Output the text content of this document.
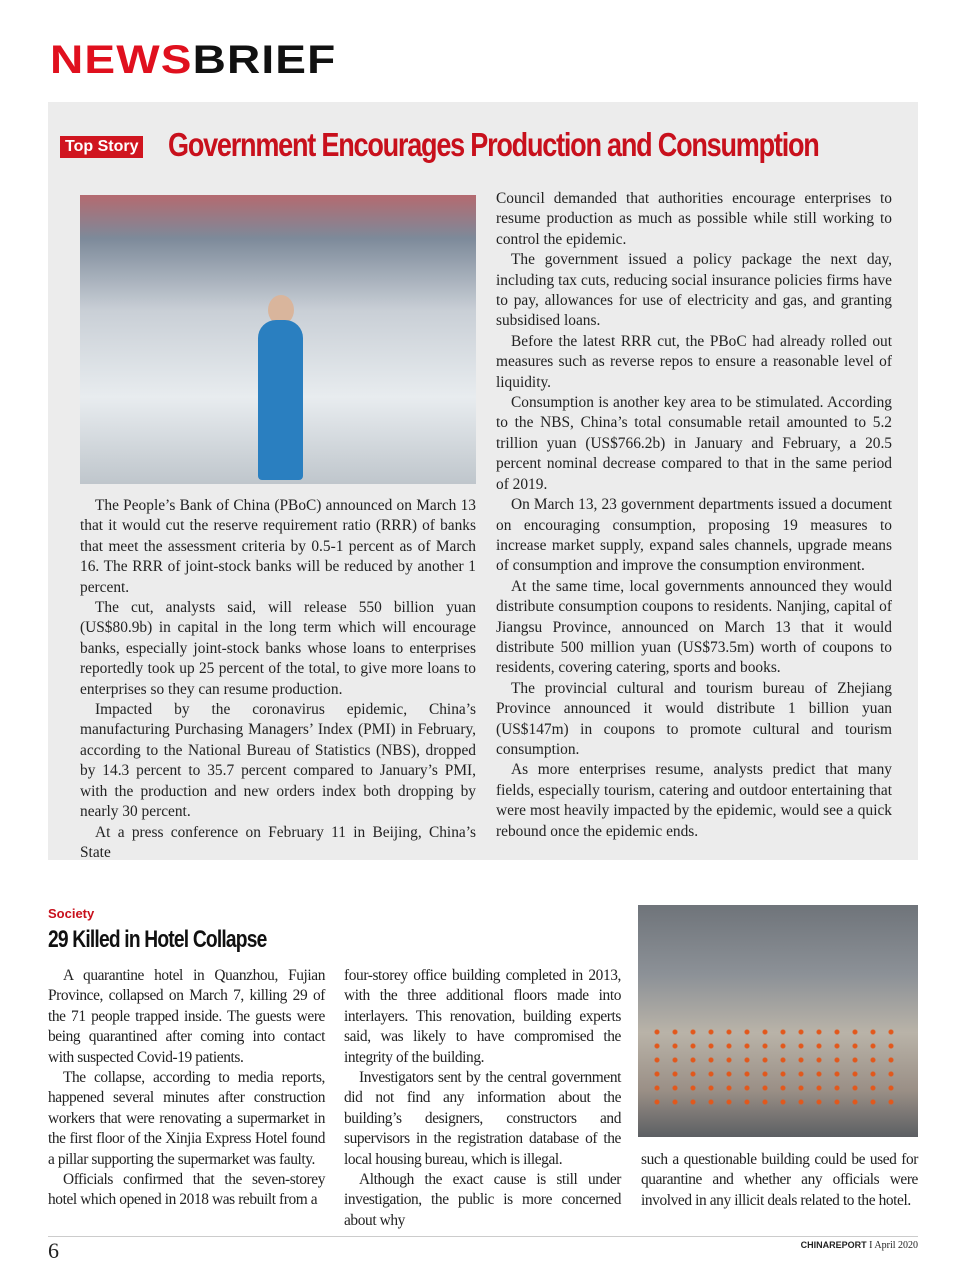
NEWSBRIEF
Top Story Government Encourages Production and Consumption

The People’s Bank of China (PBoC) announced on March 13 that it would cut the reserve requirement ratio (RRR) of banks that meet the assessment criteria by 0.5-1 percent as of March 16. The RRR of joint-stock banks will be reduced by another 1 percent.

The cut, analysts said, will release 550 billion yuan (US$80.9b) in capital in the long term which will encourage banks, especially joint-stock banks whose loans to enterprises reportedly took up 25 percent of the total, to give more loans to enterprises so they can resume production.

Impacted by the coronavirus epidemic, China’s manufacturing Purchasing Managers’ Index (PMI) in February, according to the National Bureau of Statistics (NBS), dropped by 14.3 percent to 35.7 percent compared to January’s PMI, with the production and new orders index both dropping by nearly 30 percent.

At a press conference on February 11 in Beijing, China’s State

Council demanded that authorities encourage enterprises to resume production as much as possible while still working to control the epidemic.

The government issued a policy package the next day, including tax cuts, reducing social insurance policies firms have to pay, allowances for use of electricity and gas, and granting subsidised loans.

Before the latest RRR cut, the PBoC had already rolled out measures such as reverse repos to ensure a reasonable level of liquidity.

Consumption is another key area to be stimulated. According to the NBS, China’s total consumable retail amounted to 5.2 trillion yuan (US$766.2b) in January and February, a 20.5 percent nominal decrease compared to that in the same period of 2019.

On March 13, 23 government departments issued a document on encouraging consumption, proposing 19 measures to increase market supply, expand sales channels, upgrade means of consumption and improve the consumption environment.

At the same time, local governments announced they would distribute consumption coupons to residents. Nanjing, capital of Jiangsu Province, announced on March 13 that it would distribute 500 million yuan (US$73.5m) worth of coupons to residents, covering catering, sports and books.

The provincial cultural and tourism bureau of Zhejiang Province announced it would distribute 1 billion yuan (US$147m) in coupons to promote cultural and tourism consumption.

As more enterprises resume, analysts predict that many fields, especially tourism, catering and outdoor entertaining that were most heavily impacted by the epidemic, would see a quick rebound once the epidemic ends.

Society
29 Killed in Hotel Collapse

A quarantine hotel in Quanzhou, Fujian Province, collapsed on March 7, killing 29 of the 71 people trapped inside. The guests were being quarantined after coming into contact with suspected Covid-19 patients.

The collapse, according to media reports, happened several minutes after construction workers that were renovating a supermarket in the first floor of the Xinjia Express Hotel found a pillar supporting the supermarket was faulty.

Officials confirmed that the seven-storey hotel which opened in 2018 was rebuilt from a

four-storey office building completed in 2013, with the three additional floors made into interlayers. This renovation, building experts said, was likely to have compromised the integrity of the building.

Investigators sent by the central government did not find any information about the building’s designers, constructors and supervisors in the registration database of the local housing bureau, which is illegal.

Although the exact cause is still under investigation, the public is more concerned about why

such a questionable building could be used for quarantine and whether any officials were involved in any illicit deals related to the hotel.

6	CHINAREPORT I April 2020
